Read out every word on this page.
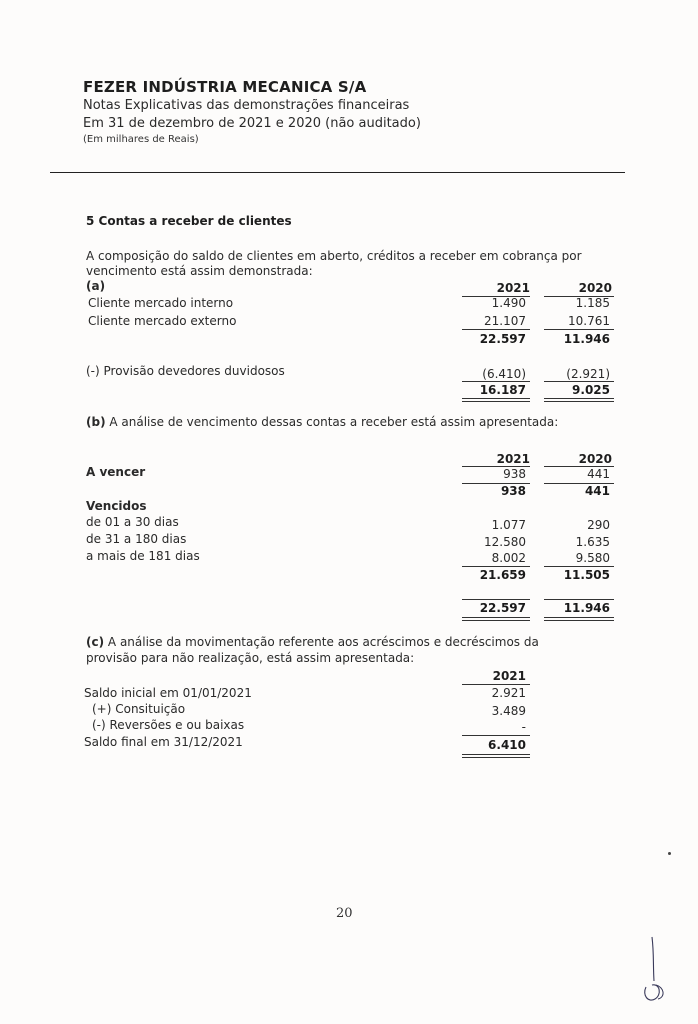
FEZER INDÚSTRIA MECANICA S/A
Notas Explicativas das demonstrações financeiras
Em 31 de dezembro de 2021 e 2020 (não auditado)
(Em milhares de Reais)
5 Contas a receber de clientes
A composição do saldo de clientes em aberto, créditos a receber em cobrança por
vencimento está assim demonstrada:
(a)	2021	2020
Cliente mercado interno	1.490	1.185
Cliente mercado externo	21.107	10.761
22.597	11.946
(-) Provisão devedores duvidosos	(6.410)	(2.921)
16.187	9.025
(b) A análise de vencimento dessas contas a receber está assim apresentada:
2021	2020
A vencer	938	441
938	441
Vencidos
de 01 a 30 dias	1.077	290
de 31 a 180 dias	12.580	1.635
a mais de 181 dias	8.002	9.580
21.659	11.505
22.597	11.946
(c) A análise da movimentação referente aos acréscimos e decréscimos da
provisão para não realização, está assim apresentada:
2021
Saldo inicial em 01/01/2021	2.921
(+) Consituição	3.489
(-) Reversões e ou baixas	-
Saldo final em 31/12/2021	6.410
20
